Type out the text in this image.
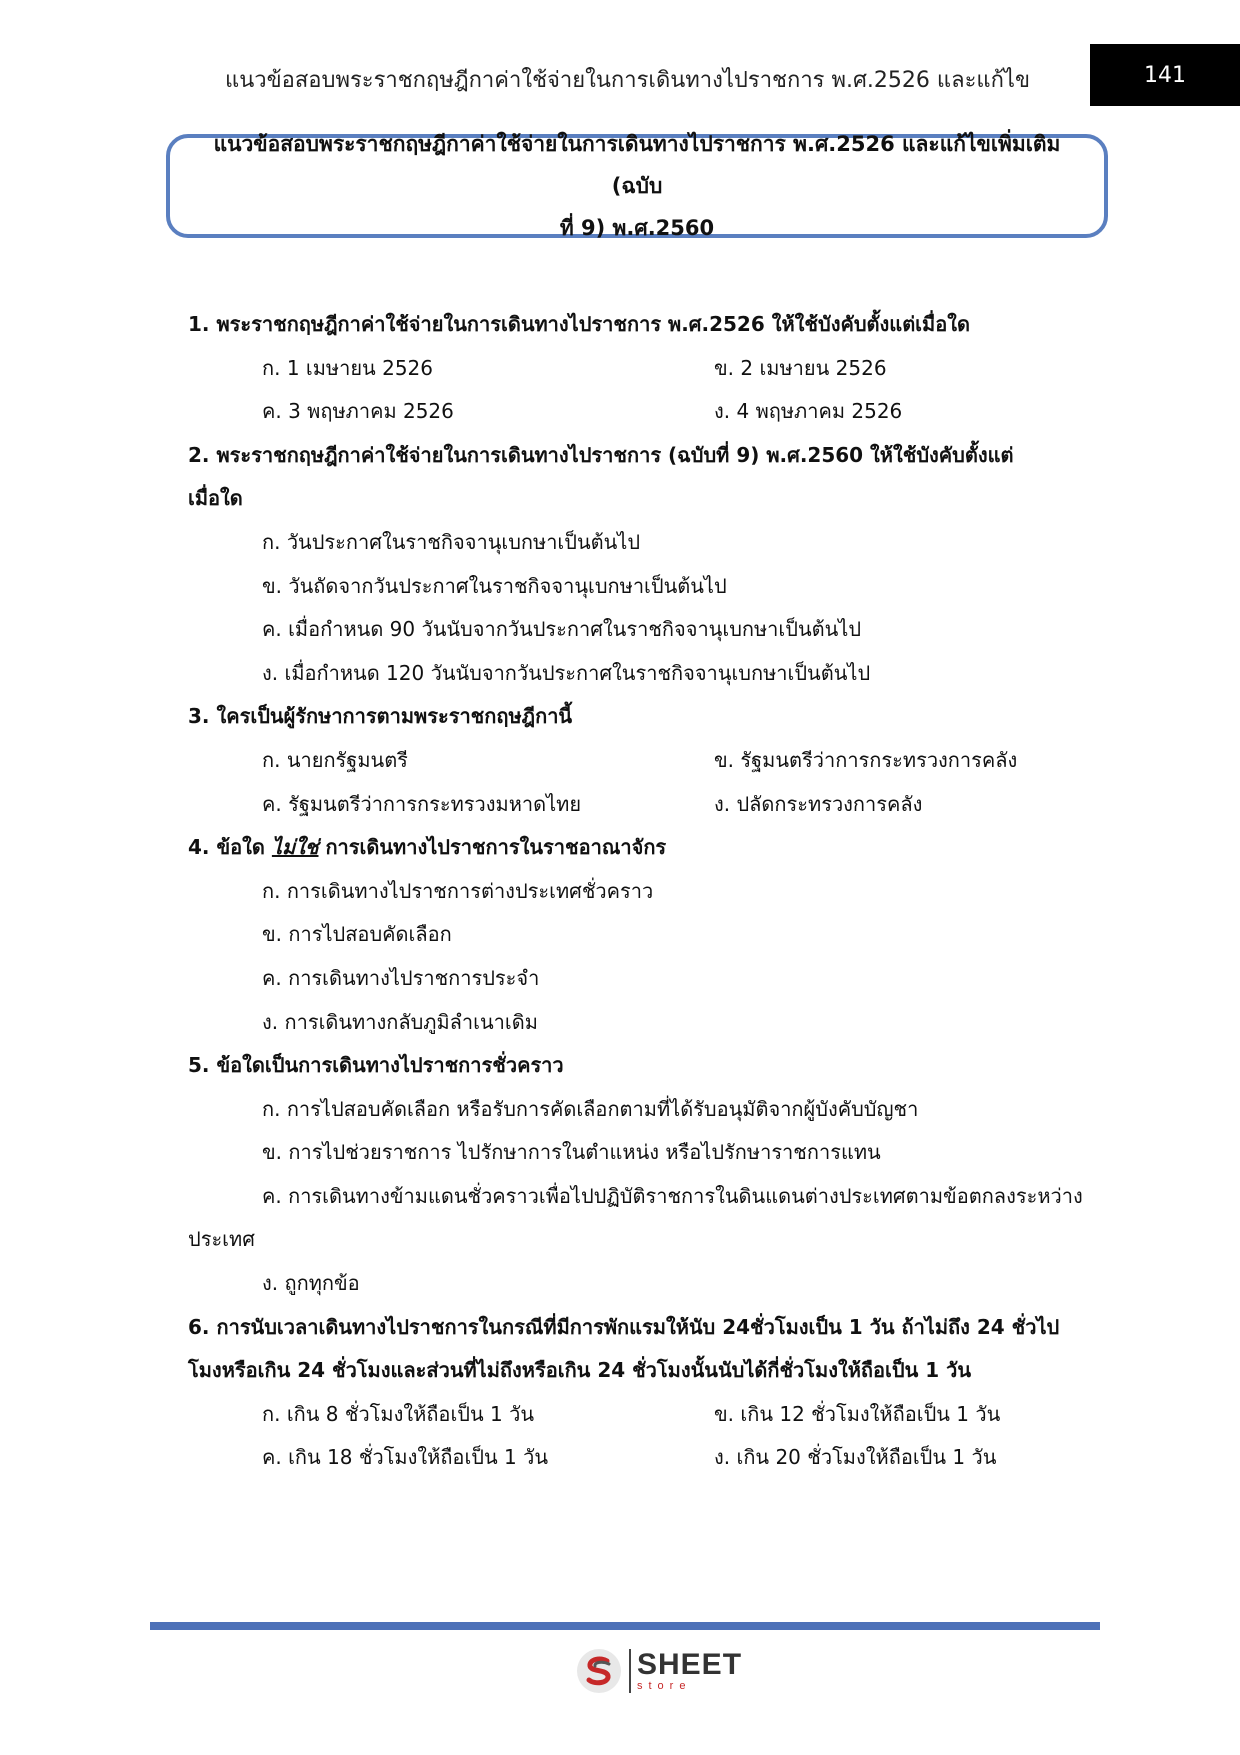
แนวข้อสอบพระราชกฤษฎีกาค่าใช้จ่ายในการเดินทางไปราชการ พ.ศ.2526 และแก้ไข	141
แนวข้อสอบพระราชกฤษฎีกาค่าใช้จ่ายในการเดินทางไปราชการ พ.ศ.2526 และแก้ไขเพิ่มเติม (ฉบับ
ที่ 9) พ.ศ.2560
1. พระราชกฤษฎีกาค่าใช้จ่ายในการเดินทางไปราชการ พ.ศ.2526 ให้ใช้บังคับตั้งแต่เมื่อใด
ก. 1 เมษายน 2526	ข. 2 เมษายน 2526
ค. 3 พฤษภาคม 2526	ง. 4 พฤษภาคม 2526
2. พระราชกฤษฎีกาค่าใช้จ่ายในการเดินทางไปราชการ (ฉบับที่ 9) พ.ศ.2560 ให้ใช้บังคับตั้งแต่
เมื่อใด
ก. วันประกาศในราชกิจจานุเบกษาเป็นต้นไป
ข. วันถัดจากวันประกาศในราชกิจจานุเบกษาเป็นต้นไป
ค. เมื่อกำหนด 90 วันนับจากวันประกาศในราชกิจจานุเบกษาเป็นต้นไป
ง. เมื่อกำหนด 120 วันนับจากวันประกาศในราชกิจจานุเบกษาเป็นต้นไป
3. ใครเป็นผู้รักษาการตามพระราชกฤษฎีกานี้
ก. นายกรัฐมนตรี	ข. รัฐมนตรีว่าการกระทรวงการคลัง
ค. รัฐมนตรีว่าการกระทรวงมหาดไทย	ง. ปลัดกระทรวงการคลัง
4. ข้อใด ไม่ใช่ การเดินทางไปราชการในราชอาณาจักร
ก. การเดินทางไปราชการต่างประเทศชั่วคราว
ข. การไปสอบคัดเลือก
ค. การเดินทางไปราชการประจำ
ง. การเดินทางกลับภูมิลำเนาเดิม
5. ข้อใดเป็นการเดินทางไปราชการชั่วคราว
ก. การไปสอบคัดเลือก หรือรับการคัดเลือกตามที่ได้รับอนุมัติจากผู้บังคับบัญชา
ข. การไปช่วยราชการ ไปรักษาการในตำแหน่ง หรือไปรักษาราชการแทน
ค. การเดินทางข้ามแดนชั่วคราวเพื่อไปปฏิบัติราชการในดินแดนต่างประเทศตามข้อตกลงระหว่าง
ประเทศ
ง. ถูกทุกข้อ
6. การนับเวลาเดินทางไปราชการในกรณีที่มีการพักแรมให้นับ 24ชั่วโมงเป็น 1 วัน ถ้าไม่ถึง 24 ชั่วไป
โมงหรือเกิน 24 ชั่วโมงและส่วนที่ไม่ถึงหรือเกิน 24 ชั่วโมงนั้นนับได้กี่ชั่วโมงให้ถือเป็น 1 วัน
ก. เกิน 8 ชั่วโมงให้ถือเป็น 1 วัน	ข. เกิน 12 ชั่วโมงให้ถือเป็น 1 วัน
ค. เกิน 18 ชั่วโมงให้ถือเป็น 1 วัน	ง. เกิน 20 ชั่วโมงให้ถือเป็น 1 วัน
SHEET
store
